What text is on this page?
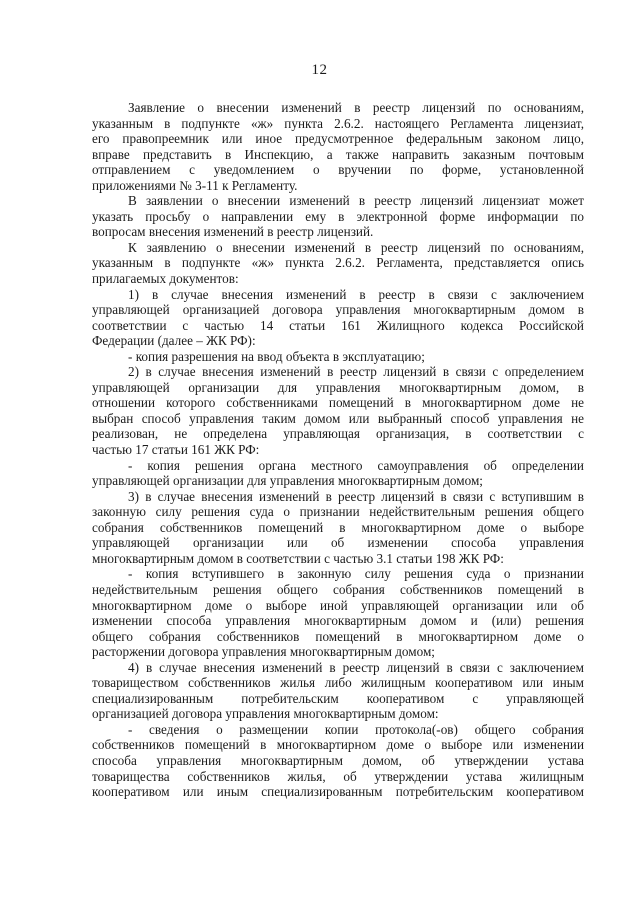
12
Заявление о внесении изменений в реестр лицензий по основаниям,
указанным в подпункте «ж» пункта 2.6.2. настоящего Регламента лицензиат,
его правопреемник или иное предусмотренное федеральным законом лицо,
вправе представить в Инспекцию, а также направить заказным почтовым
отправлением с уведомлением о вручении по форме, установленной
приложениями № 3-11 к Регламенту.
В заявлении о внесении изменений в реестр лицензий лицензиат может
указать просьбу о направлении ему в электронной форме информации по
вопросам внесения изменений в реестр лицензий.
К заявлению о внесении изменений в реестр лицензий по основаниям,
указанным в подпункте «ж» пункта 2.6.2. Регламента, представляется опись
прилагаемых документов:
1) в случае внесения изменений в реестр в связи с заключением
управляющей организацией договора управления многоквартирным домом в
соответствии с частью 14 статьи 161 Жилищного кодекса Российской
Федерации (далее – ЖК РФ):
- копия разрешения на ввод объекта в эксплуатацию;
2) в случае внесения изменений в реестр лицензий в связи с определением
управляющей организации для управления многоквартирным домом, в
отношении которого собственниками помещений в многоквартирном доме не
выбран способ управления таким домом или выбранный способ управления не
реализован, не определена управляющая организация, в соответствии с
частью 17 статьи 161 ЖК РФ:
- копия решения органа местного самоуправления об определении
управляющей организации для управления многоквартирным домом;
3) в случае внесения изменений в реестр лицензий в связи с вступившим в
законную силу решения суда о признании недействительным решения общего
собрания собственников помещений в многоквартирном доме о выборе
управляющей организации или об изменении способа управления
многоквартирным домом в соответствии с частью 3.1 статьи 198 ЖК РФ:
- копия вступившего в законную силу решения суда о признании
недействительным решения общего собрания собственников помещений в
многоквартирном доме о выборе иной управляющей организации или об
изменении способа управления многоквартирным домом и (или) решения
общего собрания собственников помещений в многоквартирном доме о
расторжении договора управления многоквартирным домом;
4) в случае внесения изменений в реестр лицензий в связи с заключением
товариществом собственников жилья либо жилищным кооперативом или иным
специализированным потребительским кооперативом с управляющей
организацией договора управления многоквартирным домом:
- сведения о размещении копии протокола(-ов) общего собрания
собственников помещений в многоквартирном доме о выборе или изменении
способа управления многоквартирным домом, об утверждении устава
товарищества собственников жилья, об утверждении устава жилищным
кооперативом или иным специализированным потребительским кооперативом
